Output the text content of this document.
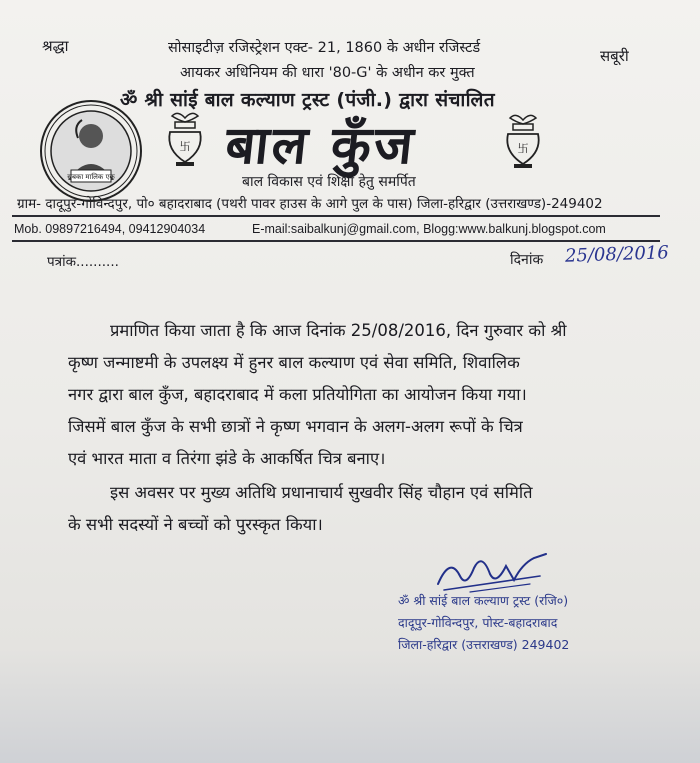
श्रद्धा
सबूरी
सोसाइटीज़ रजिस्ट्रेशन एक्ट- 21, 1860 के अधीन रजिस्टर्ड
आयकर अधिनियम की धारा '80-G' के अधीन कर मुक्त
ॐ श्री सांई बाल कल्याण ट्रस्ट (पंजी.) द्वारा संचालित
बाल कुँज
बाल विकास एवं शिक्षा हेतु समर्पित
ग्राम- दादूपुर-गोविन्दपुर, पो० बहादराबाद (पथरी पावर हाउस के आगे पुल के पास) जिला-हरिद्वार (उत्तराखण्ड)-249402
Mob. 09897216494, 09412904034	E-mail:saibalkunj@gmail.com, Blogg:www.balkunj.blogspot.com
सबका मालिक एक
卐	卐
पत्रांक..........	दिनांक 25/08/2016
प्रमाणित किया जाता है कि आज दिनांक 25/08/2016, दिन गुरुवार को श्री
कृष्ण जन्माष्टमी के उपलक्ष्य में हुनर बाल कल्याण एवं सेवा समिति, शिवालिक
नगर द्वारा बाल कुँज, बहादराबाद में कला प्रतियोगिता का आयोजन किया गया।
जिसमें बाल कुँज के सभी छात्रों ने कृष्ण भगवान के अलग-अलग रूपों के चित्र
एवं भारत माता व तिरंगा झंडे के आकर्षित चित्र बनाए।
इस अवसर पर मुख्य अतिथि प्रधानाचार्य सुखवीर सिंह चौहान एवं समिति
के सभी सदस्यों ने बच्चों को पुरस्कृत किया।
ॐ श्री सांई बाल कल्याण ट्रस्ट (रजि०)
दादूपुर-गोविन्दपुर, पोस्ट-बहादराबाद
जिला-हरिद्वार (उत्तराखण्ड) 249402
